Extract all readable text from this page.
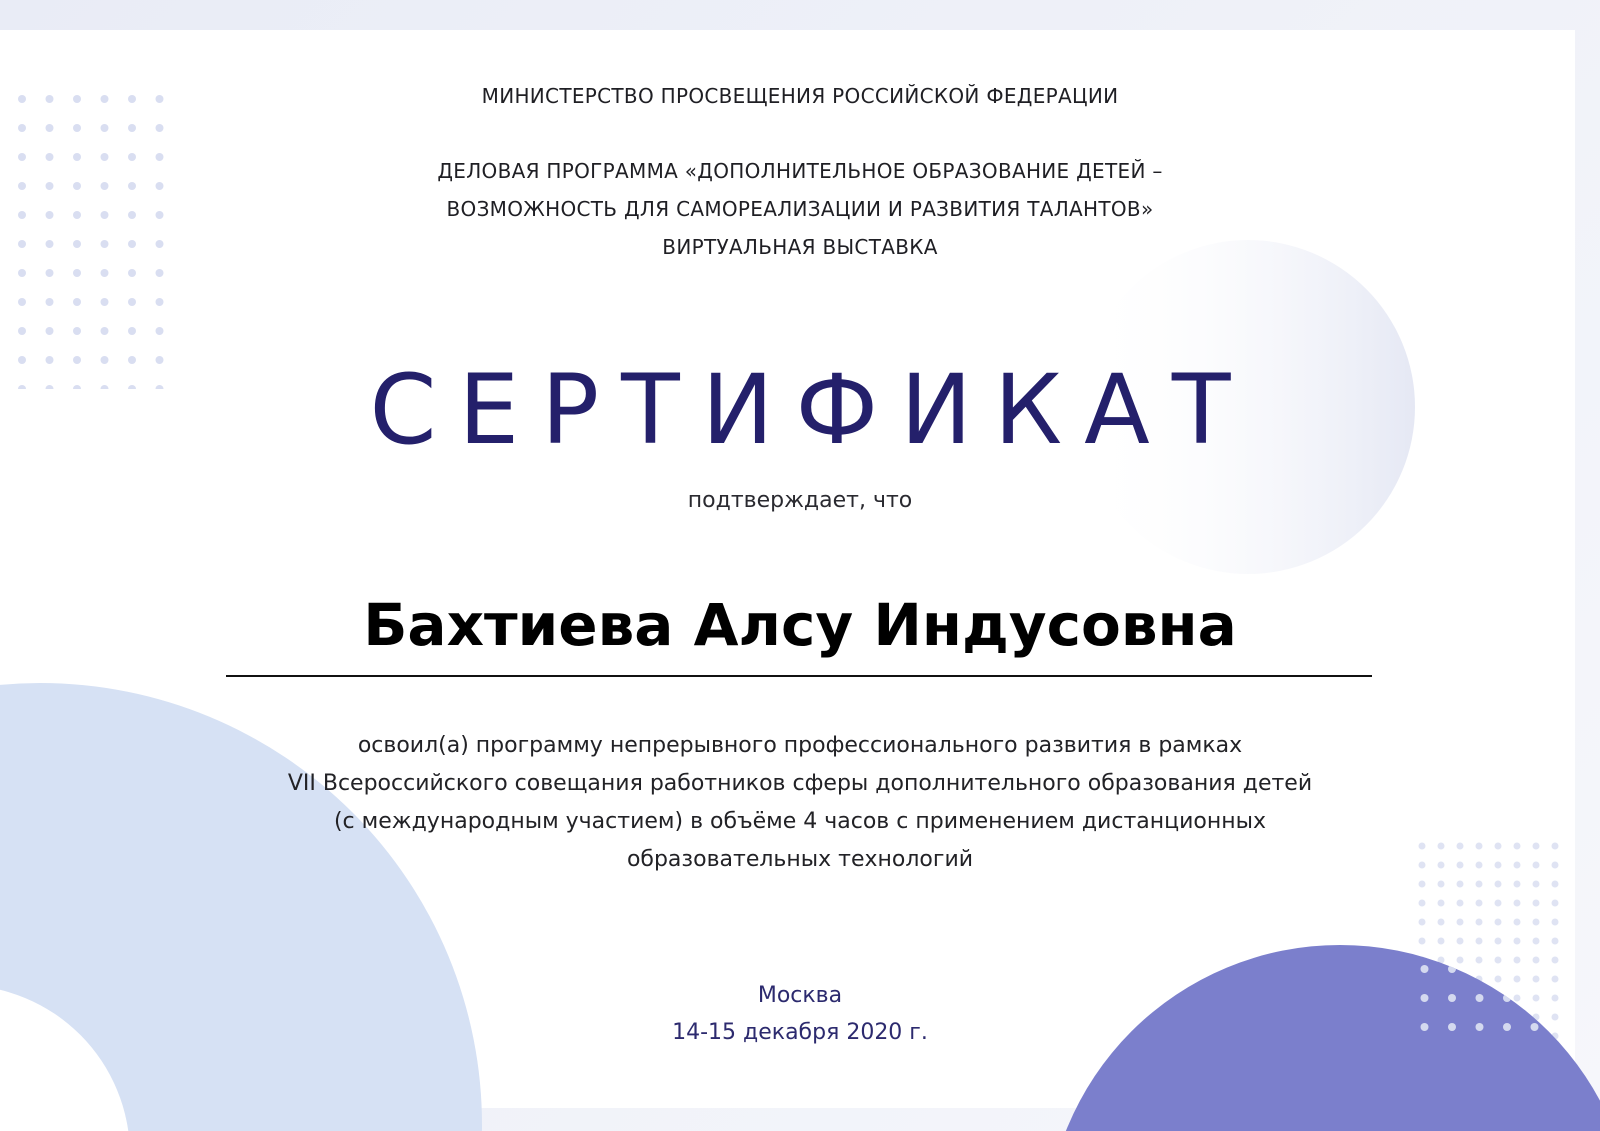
МИНИСТЕРСТВО ПРОСВЕЩЕНИЯ РОССИЙСКОЙ ФЕДЕРАЦИИ
ДЕЛОВАЯ ПРОГРАММА «ДОПОЛНИТЕЛЬНОЕ ОБРАЗОВАНИЕ ДЕТЕЙ –
ВОЗМОЖНОСТЬ ДЛЯ САМОРЕАЛИЗАЦИИ И РАЗВИТИЯ ТАЛАНТОВ»
ВИРТУАЛЬНАЯ ВЫСТАВКА
СЕРТИФИКАТ
подтверждает, что
Бахтиева Алсу Индусовна
освоил(а) программу непрерывного профессионального развития в рамках
VII Всероссийского совещания работников сферы дополнительного образования детей
(с международным участием) в объёме 4 часов с применением дистанционных
образовательных технологий
Москва
14-15 декабря 2020 г.
